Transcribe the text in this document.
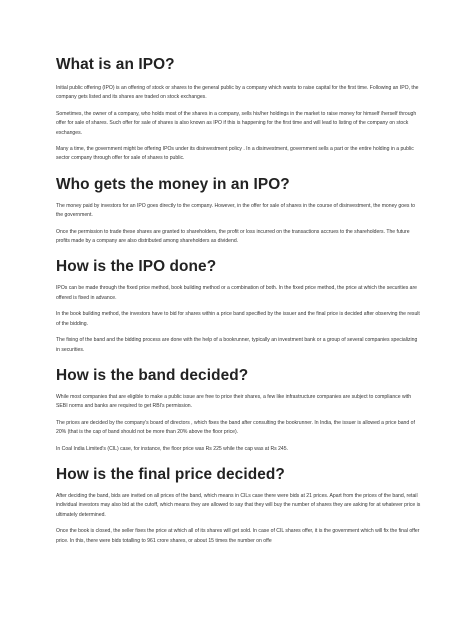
What is an IPO?

Initial public offering (IPO) is an offering of stock or shares to the general public by a company which wants to raise capital for the first time. Following an IPO, the company gets listed and its shares are traded on stock exchanges.

Sometimes, the owner of a company, who holds most of the shares in a company, sells his/her holdings in the market to raise money for himself /herself through offer for sale of shares. Such offer for sale of shares is also known as IPO if this is happening for the first time and will lead to listing of the company on stock exchanges.

Many a time, the government might be offering IPOs under its disinvestment policy . In a disinvestment, government sells a part or the entire holding in a public sector company through offer for sale of shares to public.

Who gets the money in an IPO?

The money paid by investors for an IPO goes directly to the company. However, in the offer for sale of shares in the course of disinvestment, the money goes to the government.

Once the permission to trade these shares are granted to shareholders, the profit or loss incurred on the transactions accrues to the shareholders. The future profits made by a company are also distributed among shareholders as dividend.

How is the IPO done?

IPOs can be made through the fixed price method, book building method or a combination of both. In the fixed price method, the price at which the securities are offered is fixed in advance.

In the book building method, the investors have to bid for shares within a price band specified by the issuer and the final price is decided after observing the result of the bidding.

The fixing of the band and the bidding process are done with the help of a bookrunner, typically an investment bank or a group of several companies specializing in securities.

How is the band decided?

While most companies that are eligible to make a public issue are free to price their shares, a few like infrastructure companies are subject to compliance with SEBI norms and banks are required to get RBI's permission.

The prices are decided by the company's board of directors , which fixes the band after consulting the bookrunner. In India, the issuer is allowed a price band of 20% (that is the cap of band should not be more than 20% above the floor price).

In Coal India Limited's (CIL) case, for instance, the floor price was Rs 225 while the cap was at Rs 245.

How is the final price decided?

After deciding the band, bids are invited on all prices of the band, which means in CILs case there were bids at 21 prices. Apart from the prices of the band, retail individual investors may also bid at the cutoff, which means they are allowed to say that they will buy the number of shares they are asking for at whatever price is ultimately determined.

Once the book is closed, the seller fixes the price at which all of its shares will get sold. In case of CIL shares offer, it is the government which will fix the final offer price. In this, there were bids totalling to 961 crore shares, or about 15 times the number on offe
